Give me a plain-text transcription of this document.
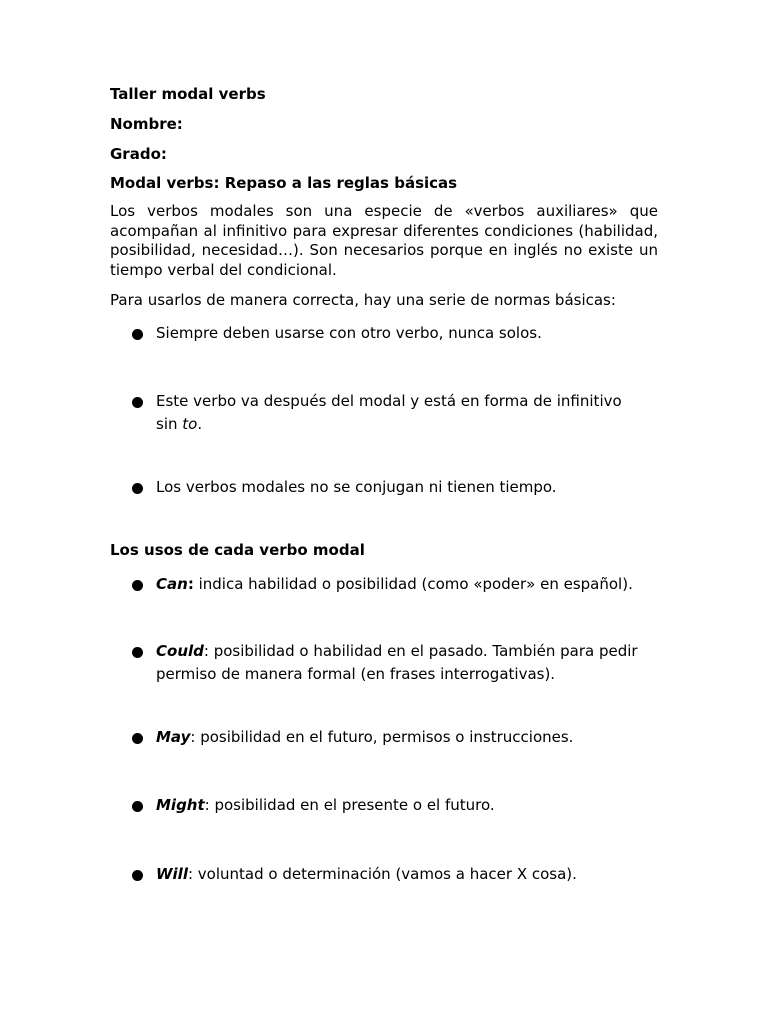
Taller modal verbs
Nombre:
Grado:
Modal verbs: Repaso a las reglas básicas
Los verbos modales son una especie de «verbos auxiliares» que acompañan al infinitivo para expresar diferentes condiciones (habilidad, posibilidad, necesidad…). Son necesarios porque en inglés no existe un tiempo verbal del condicional.
Para usarlos de manera correcta, hay una serie de normas básicas:
Siempre deben usarse con otro verbo, nunca solos.
Este verbo va después del modal y está en forma de infinitivo sin to.
Los verbos modales no se conjugan ni tienen tiempo.
Los usos de cada verbo modal
Can: indica habilidad o posibilidad (como «poder» en español).
Could: posibilidad o habilidad en el pasado. También para pedir permiso de manera formal (en frases interrogativas).
May: posibilidad en el futuro, permisos o instrucciones.
Might: posibilidad en el presente o el futuro.
Will: voluntad o determinación (vamos a hacer X cosa).
